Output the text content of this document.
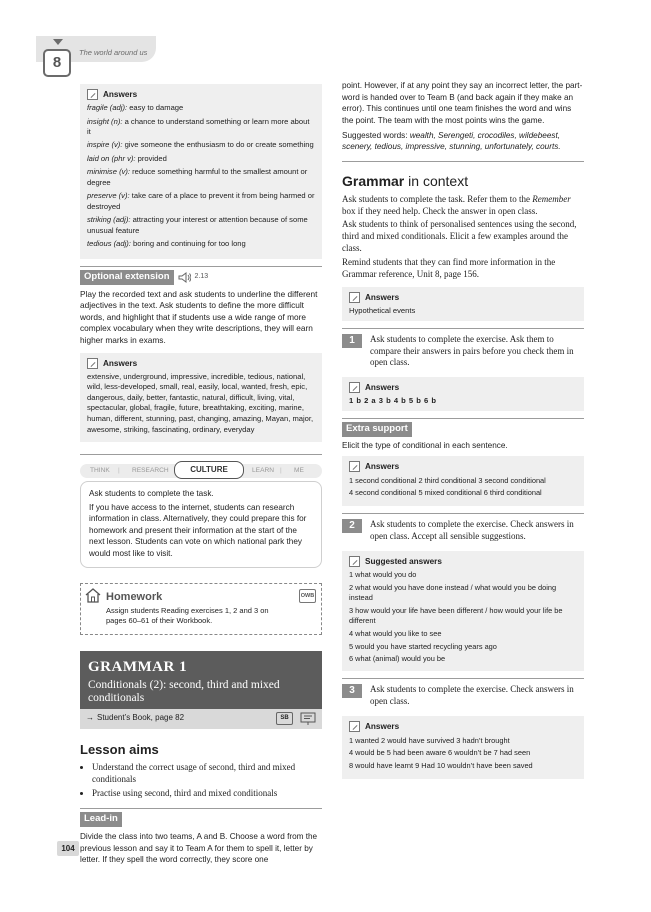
8
The world around us
Answers

fragile (adj): easy to damage

insight (n): a chance to understand something or learn more about it

inspire (v): give someone the enthusiasm to do or create something

laid on (phr v): provided

minimise (v): reduce something harmful to the smallest amount or degree

preserve (v): take care of a place to prevent it from being harmed or destroyed

striking (adj): attracting your interest or attention because of some unusual feature

tedious (adj): boring and continuing for too long

Optional extension	2.13

Play the recorded text and ask students to underline the different adjectives in the text. Ask students to define the more difficult words, and highlight that if students use a wide range of more complex vocabulary when they write descriptions, they will earn higher marks in exams.

Answers

extensive, underground, impressive, incredible, tedious, national, wild, less-developed, small, real, easily, local, wanted, fresh, epic, dangerous, daily, better, fantastic, natural, difficult, living, vital, spectacular, global, fragile, future, breathtaking, exciting, marine, human, different, stunning, past, changing, amazing, Mayan, major, awesome, striking, fascinating, ordinary, everyday

THINK | RESEARCH	CULTURE	LEARN | ME

Ask students to complete the task.

If you have access to the internet, students can research information in class. Alternatively, they could prepare this for homework and present their information at the start of the next lesson. Students can vote on which national park they would most like to visit.

Homework	OWB

Assign students Reading exercises 1, 2 and 3 on pages 60–61 of their Workbook.

GRAMMAR 1
Conditionals (2): second, third and mixed conditionals
→ Student’s Book, page 82	SB
Lesson aims
• Understand the correct usage of second, third and mixed conditionals
• Practise using second, third and mixed conditionals
Lead-in

Divide the class into two teams, A and B. Choose a word from the previous lesson and say it to Team A for them to spell it, letter by letter. If they spell the word correctly, they score one

point. However, if at any point they say an incorrect letter, the part-word is handed over to Team B (and back again if they make an error). This continues until one team finishes the word and wins the point. The team with the most points wins the game.

Suggested words: wealth, Serengeti, crocodiles, wildebeest, scenery, tedious, impressive, stunning, unfortunately, courts.

Grammar in context

Ask students to complete the task. Refer them to the Remember box if they need help. Check the answer in open class.

Ask students to think of personalised sentences using the second, third and mixed conditionals. Elicit a few examples around the class.

Remind students that they can find more information in the Grammar reference, Unit 8, page 156.

Answers

Hypothetical events

1	Ask students to complete the exercise. Ask them to compare their answers in pairs before you check them in open class.

Answers

1 b 2 a 3 b 4 b 5 b 6 b

Extra support

Elicit the type of conditional in each sentence.

Answers

1 second conditional 2 third conditional 3 second conditional

4 second conditional 5 mixed conditional 6 third conditional

2	Ask students to complete the exercise. Check answers in open class. Accept all sensible suggestions.

Suggested answers

1 what would you do

2 what would you have done instead / what would you be doing instead

3 how would your life have been different / how would your life be different

4 what would you like to see

5 would you have started recycling years ago

6 what (animal) would you be

3	Ask students to complete the exercise. Check answers in open class.

Answers

1 wanted 2 would have survived 3 hadn’t brought

4 would be 5 had been aware 6 wouldn’t be 7 had seen

8 would have learnt 9 Had 10 wouldn’t have been saved

104
